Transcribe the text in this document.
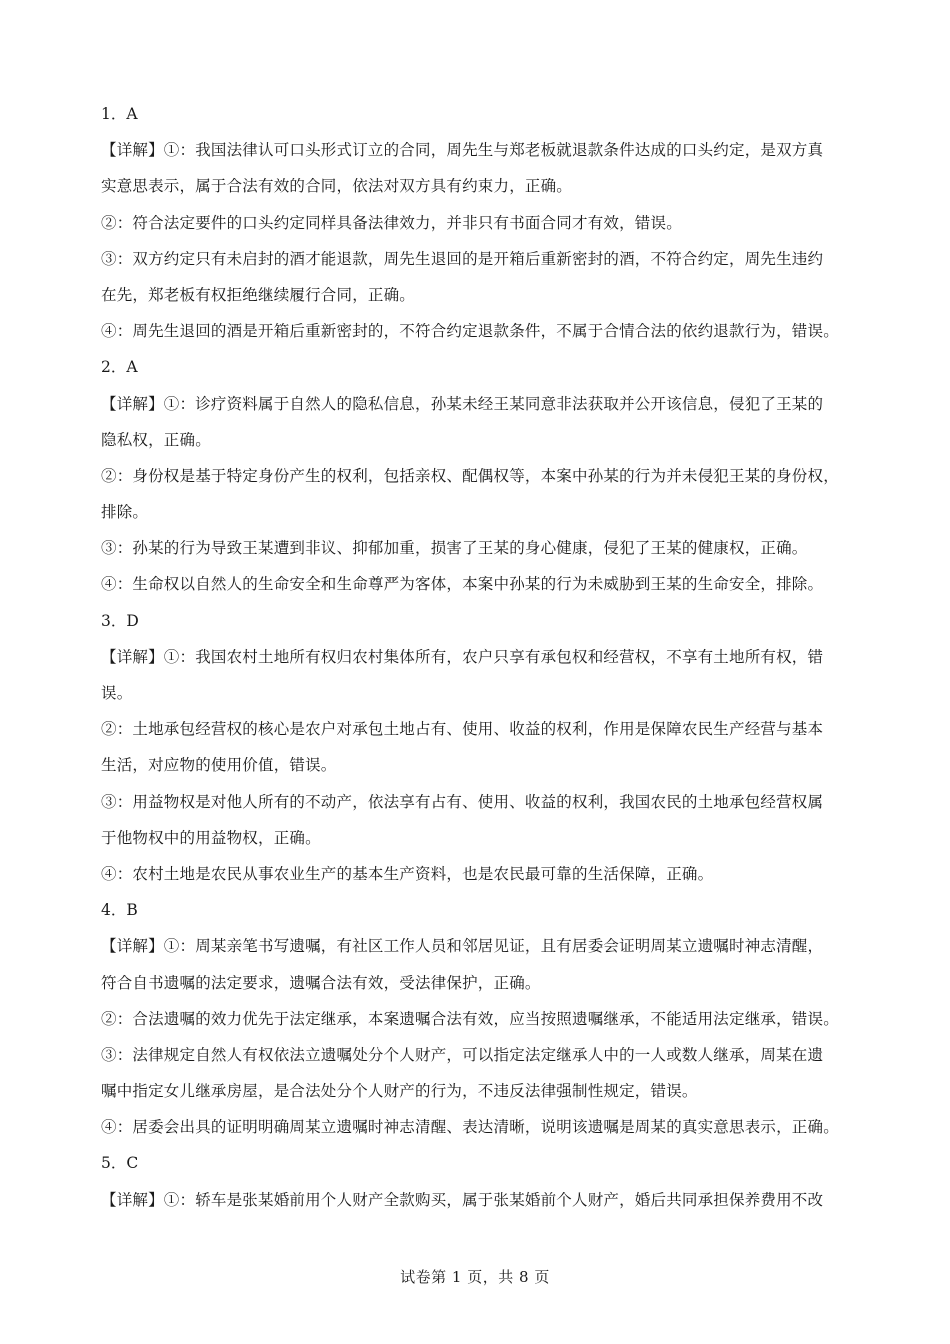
1．A
【详解】①：我国法律认可口头形式订立的合同，周先生与郑老板就退款条件达成的口头约定，是双方真
实意思表示，属于合法有效的合同，依法对双方具有约束力，正确。
②：符合法定要件的口头约定同样具备法律效力，并非只有书面合同才有效，错误。
③：双方约定只有未启封的酒才能退款，周先生退回的是开箱后重新密封的酒，不符合约定，周先生违约
在先，郑老板有权拒绝继续履行合同，正确。
④：周先生退回的酒是开箱后重新密封的，不符合约定退款条件，不属于合情合法的依约退款行为，错误。
2．A
【详解】①：诊疗资料属于自然人的隐私信息，孙某未经王某同意非法获取并公开该信息，侵犯了王某的
隐私权，正确。
②：身份权是基于特定身份产生的权利，包括亲权、配偶权等，本案中孙某的行为并未侵犯王某的身份权，
排除。
③：孙某的行为导致王某遭到非议、抑郁加重，损害了王某的身心健康，侵犯了王某的健康权，正确。
④：生命权以自然人的生命安全和生命尊严为客体，本案中孙某的行为未威胁到王某的生命安全，排除。
3．D
【详解】①：我国农村土地所有权归农村集体所有，农户只享有承包权和经营权，不享有土地所有权，错
误。
②：土地承包经营权的核心是农户对承包土地占有、使用、收益的权利，作用是保障农民生产经营与基本
生活，对应物的使用价值，错误。
③：用益物权是对他人所有的不动产，依法享有占有、使用、收益的权利，我国农民的土地承包经营权属
于他物权中的用益物权，正确。
④：农村土地是农民从事农业生产的基本生产资料，也是农民最可靠的生活保障，正确。
4．B
【详解】①：周某亲笔书写遗嘱，有社区工作人员和邻居见证，且有居委会证明周某立遗嘱时神志清醒，
符合自书遗嘱的法定要求，遗嘱合法有效，受法律保护，正确。
②：合法遗嘱的效力优先于法定继承，本案遗嘱合法有效，应当按照遗嘱继承，不能适用法定继承，错误。
③：法律规定自然人有权依法立遗嘱处分个人财产，可以指定法定继承人中的一人或数人继承，周某在遗
嘱中指定女儿继承房屋，是合法处分个人财产的行为，不违反法律强制性规定，错误。
④：居委会出具的证明明确周某立遗嘱时神志清醒、表达清晰，说明该遗嘱是周某的真实意思表示，正确。
5．C
【详解】①：轿车是张某婚前用个人财产全款购买，属于张某婚前个人财产，婚后共同承担保养费用不改
试卷第 1 页，共 8 页
